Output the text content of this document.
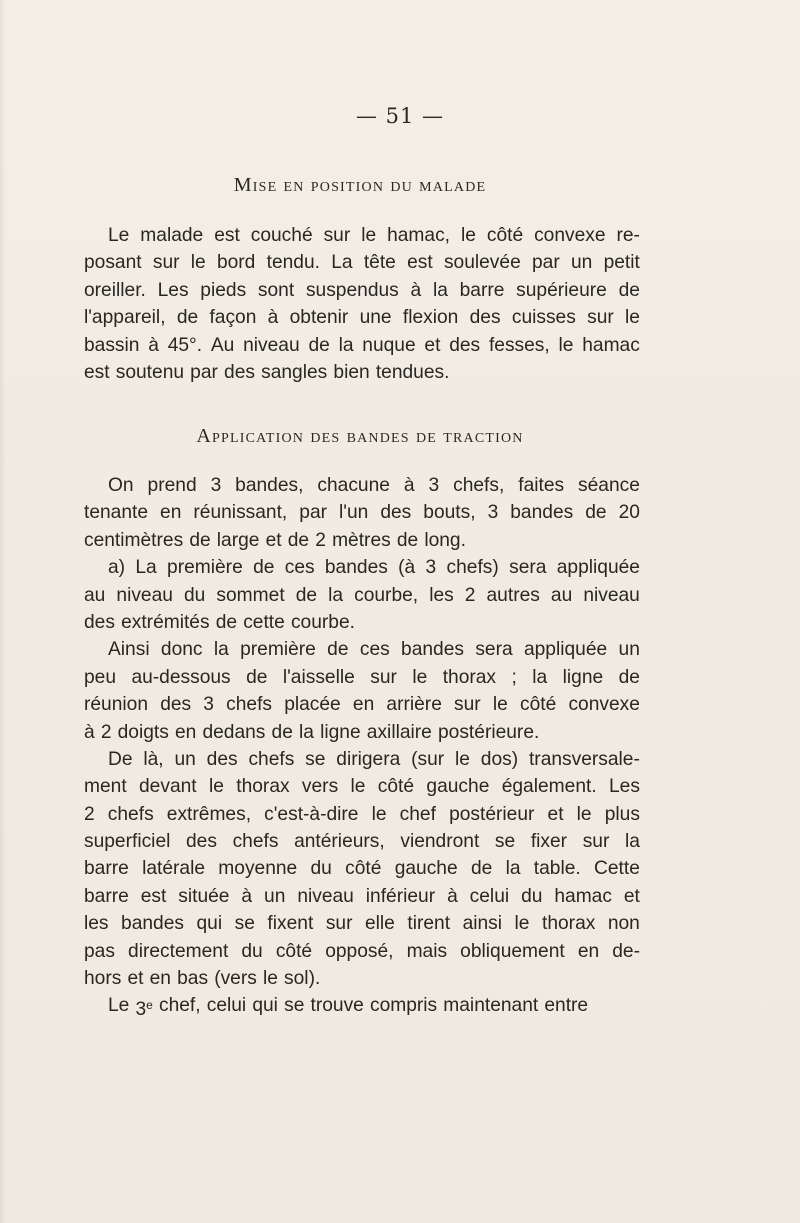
— 51 —
Mise en position du malade
Le malade est couché sur le hamac, le côté convexe re-
posant sur le bord tendu. La tête est soulevée par un petit
oreiller. Les pieds sont suspendus à la barre supérieure de
l'appareil, de façon à obtenir une flexion des cuisses sur le
bassin à 45°. Au niveau de la nuque et des fesses, le hamac
est soutenu par des sangles bien tendues.
Application des bandes de traction
On prend 3 bandes, chacune à 3 chefs, faites séance
tenante en réunissant, par l'un des bouts, 3 bandes de 20
centimètres de large et de 2 mètres de long.
a) La première de ces bandes (à 3 chefs) sera appliquée
au niveau du sommet de la courbe, les 2 autres au niveau
des extrémités de cette courbe.
Ainsi donc la première de ces bandes sera appliquée un
peu au-dessous de l'aisselle sur le thorax ; la ligne de
réunion des 3 chefs placée en arrière sur le côté convexe
à 2 doigts en dedans de la ligne axillaire postérieure.
De là, un des chefs se dirigera (sur le dos) transversale-
ment devant le thorax vers le côté gauche également. Les
2 chefs extrêmes, c'est-à-dire le chef postérieur et le plus
superficiel des chefs antérieurs, viendront se fixer sur la
barre latérale moyenne du côté gauche de la table. Cette
barre est située à un niveau inférieur à celui du hamac et
les bandes qui se fixent sur elle tirent ainsi le thorax non
pas directement du côté opposé, mais obliquement en de-
hors et en bas (vers le sol).
Le 3e chef, celui qui se trouve compris maintenant entre
